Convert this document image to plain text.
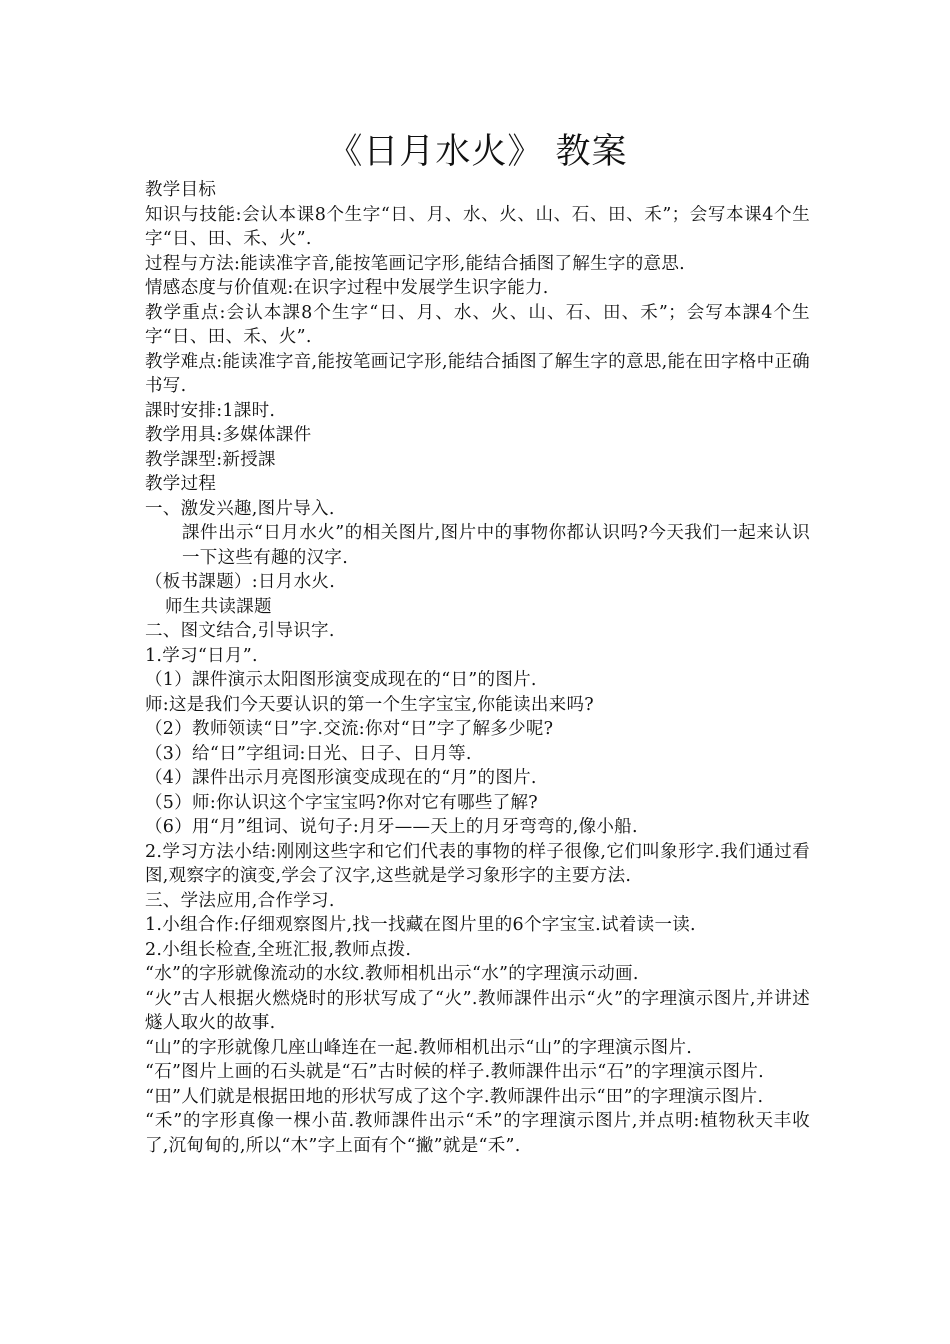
《日月水火》 教案

教学目标

知识与技能:会认本课8个生字“日、月、水、火、山、石、田、禾”；会写本课4个生字“日、田、禾、火”.

过程与方法:能读准字音,能按笔画记字形,能结合插图了解生字的意思.

情感态度与价值观:在识字过程中发展学生识字能力.

教学重点:会认本課8个生字“日、月、水、火、山、石、田、禾”；会写本課4个生字“日、田、禾、火”.

教学难点:能读准字音,能按笔画记字形,能结合插图了解生字的意思,能在田字格中正确书写.

課时安排:1課时.

教学用具:多媒体課件

教学課型:新授課

教学过程

一、激发兴趣,图片导入.

課件出示“日月水火”的相关图片,图片中的事物你都认识吗?今天我们一起来认识一下这些有趣的汉字.

（板书課题）:日月水火.

师生共读課题

二、图文结合,引导识字.

1.学习“日月”.

（1）課件演示太阳图形演变成现在的“日”的图片.

师:这是我们今天要认识的第一个生字宝宝,你能读出来吗?

（2）教师领读“日”字.交流:你对“日”字了解多少呢?

（3）给“日”字组词:日光、日子、日月等.

（4）課件出示月亮图形演变成现在的“月”的图片.

（5）师:你认识这个字宝宝吗?你对它有哪些了解?

（6）用“月”组词、说句子:月牙——天上的月牙弯弯的,像小船.

2.学习方法小结:刚刚这些字和它们代表的事物的样子很像,它们叫象形字.我们通过看图,观察字的演变,学会了汉字,这些就是学习象形字的主要方法.

三、学法应用,合作学习.

1.小组合作:仔细观察图片,找一找藏在图片里的6个字宝宝.试着读一读.

2.小组长检查,全班汇报,教师点拨.

“水”的字形就像流动的水纹.教师相机出示“水”的字理演示动画.

“火”古人根据火燃烧时的形状写成了“火”.教师課件出示“火”的字理演示图片,并讲述燧人取火的故事.

“山”的字形就像几座山峰连在一起.教师相机出示“山”的字理演示图片.

“石”图片上画的石头就是“石”古时候的样子.教师課件出示“石”的字理演示图片.

“田”人们就是根据田地的形状写成了这个字.教师課件出示“田”的字理演示图片.

“禾”的字形真像一棵小苗.教师課件出示“禾”的字理演示图片,并点明:植物秋天丰收了,沉甸甸的,所以“木”字上面有个“撇”就是“禾”.
